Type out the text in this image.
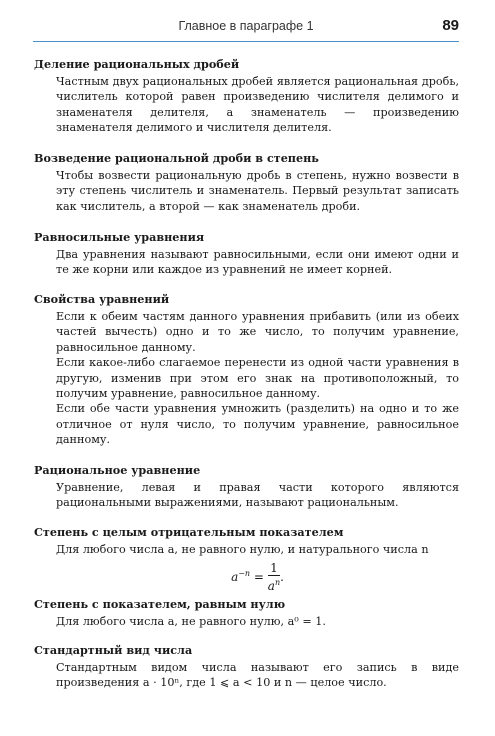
Главное в параграфе 1	89
Деление рациональных дробей

Частным двух рациональных дробей является рациональная дробь, числитель которой равен произведению числителя делимого и знаменателя делителя, а знаменатель — произведению знаменателя делимого и числителя делителя.

Возведение рациональной дроби в степень

Чтобы возвести рациональную дробь в степень, нужно возвести в эту степень числитель и знаменатель. Первый результат записать как числитель, а второй — как знаменатель дроби.

Равносильные уравнения

Два уравнения называют равносильными, если они имеют одни и те же корни или каждое из уравнений не имеет корней.

Свойства уравнений

Если к обеим частям данного уравнения прибавить (или из обеих частей вычесть) одно и то же число, то получим уравнение, равносильное данному.

Если какое-либо слагаемое перенести из одной части уравнения в другую, изменив при этом его знак на противоположный, то получим уравнение, равносильное данному.

Если обе части уравнения умножить (разделить) на одно и то же отличное от нуля число, то получим уравнение, равносильное данному.

Рациональное уравнение

Уравнение, левая и правая части которого являются рациональными выражениями, называют рациональным.

Степень с целым отрицательным показателем

Для любого числа a, не равного нулю, и натурального числа n

$a^{-n} = \frac{1}{a^n}$ .
Степень с показателем, равным нулю

Для любого числа a, не равного нулю, a⁰ = 1.

Стандартный вид числа

Стандартным видом числа называют его запись в виде произведения a · 10ⁿ, где 1 ⩽ a < 10 и n — целое число.
